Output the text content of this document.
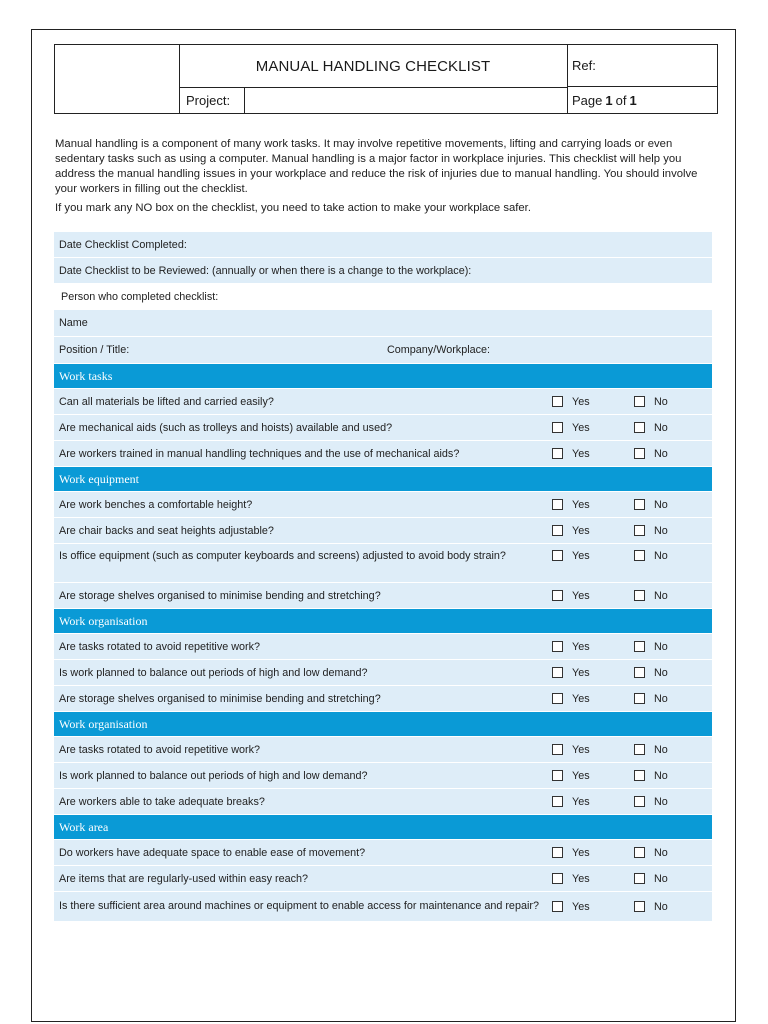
MANUAL HANDLING CHECKLIST	Ref:
Project:	Page 1 of 1

Manual handling is a component of many work tasks. It may involve repetitive movements, lifting and carrying loads or even sedentary tasks such as using a computer. Manual handling is a major factor in workplace injuries. This checklist will help you address the manual handling issues in your workplace and reduce the risk of injuries due to manual handling. You should involve your workers in filling out the checklist.

If you mark any NO box on the checklist, you need to take action to make your workplace safer.

Date Checklist Completed:
Date Checklist to be Reviewed: (annually or when there is a change to the workplace):
Person who completed checklist:
Name
Position / Title:	Company/Workplace:
Work tasks
Can all materials be lifted and carried easily?	Yes	No
Are mechanical aids (such as trolleys and hoists) available and used?	Yes	No
Are workers trained in manual handling techniques and the use of mechanical aids?	Yes	No
Work equipment
Are work benches a comfortable height?	Yes	No
Are chair backs and seat heights adjustable?	Yes	No
Is office equipment (such as computer keyboards and screens) adjusted to avoid body strain?	Yes	No
Are storage shelves organised to minimise bending and stretching?	Yes	No
Work organisation
Are tasks rotated to avoid repetitive work?	Yes	No
Is work planned to balance out periods of high and low demand?	Yes	No
Are storage shelves organised to minimise bending and stretching?	Yes	No
Work organisation
Are tasks rotated to avoid repetitive work?	Yes	No
Is work planned to balance out periods of high and low demand?	Yes	No
Are workers able to take adequate breaks?	Yes	No
Work area
Do workers have adequate space to enable ease of movement?	Yes	No
Are items that are regularly-used within easy reach?	Yes	No
Is there sufficient area around machines or equipment to enable access for maintenance and repair?	Yes	No
